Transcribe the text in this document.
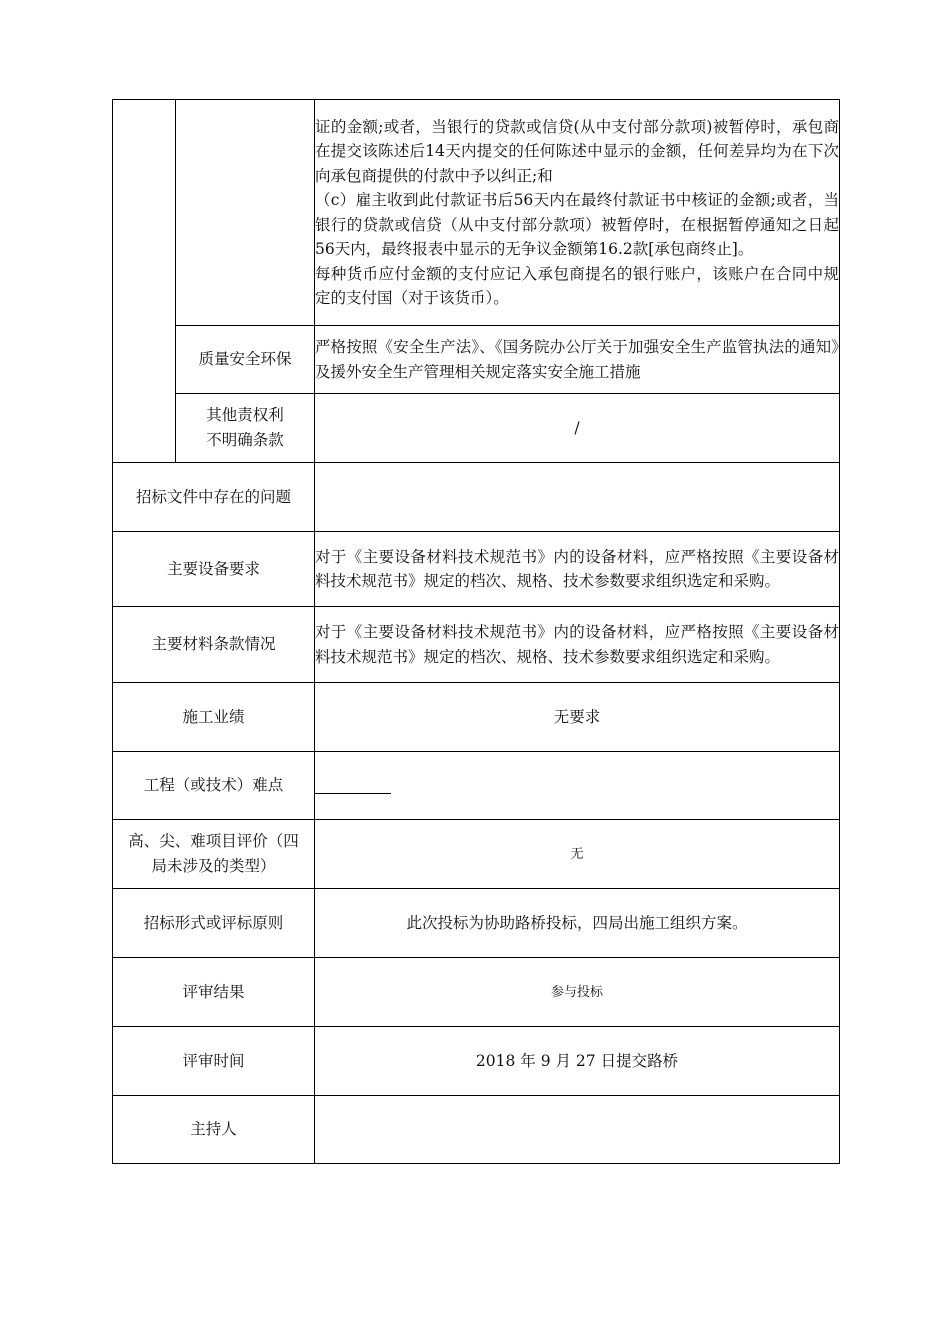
		证的金额;或者，当银行的贷款或信贷(从中支付部分款项)被暂停时，承包商在提交该陈述后14天内提交的任何陈述中显示的金额，任何差异均为在下次向承包商提供的付款中予以纠正;和
（c）雇主收到此付款证书后56天内在最终付款证书中核证的金额;或者，当银行的贷款或信贷（从中支付部分款项）被暂停时，在根据暂停通知之日起56天内，最终报表中显示的无争议金额第16.2款[承包商终止]。
每种货币应付金额的支付应记入承包商提名的银行账户，该账户在合同中规定的支付国（对于该货币）。

	质量安全环保	严格按照《安全生产法》、《国务院办公厅关于加强安全生产监管执法的通知》及援外安全生产管理相关规定落实安全施工措施

	其他责权利
不明确条款	/
招标文件中存在的问题		
主要设备要求		对于《主要设备材料技术规范书》内的设备材料，应严格按照《主要设备材料技术规范书》规定的档次、规格、技术参数要求组织选定和采购。
主要材料条款情况		对于《主要设备材料技术规范书》内的设备材料，应严格按照《主要设备材料技术规范书》规定的档次、规格、技术参数要求组织选定和采购。
施工业绩		无要求
工程（或技术）难点		

高、尖、难项目评价（四
局未涉及的类型）		无
招标形式或评标原则		此次投标为协助路桥投标，四局出施工组织方案。
评审结果		参与投标
评审时间		2018 年 9 月 27 日提交路桥
主持人		
